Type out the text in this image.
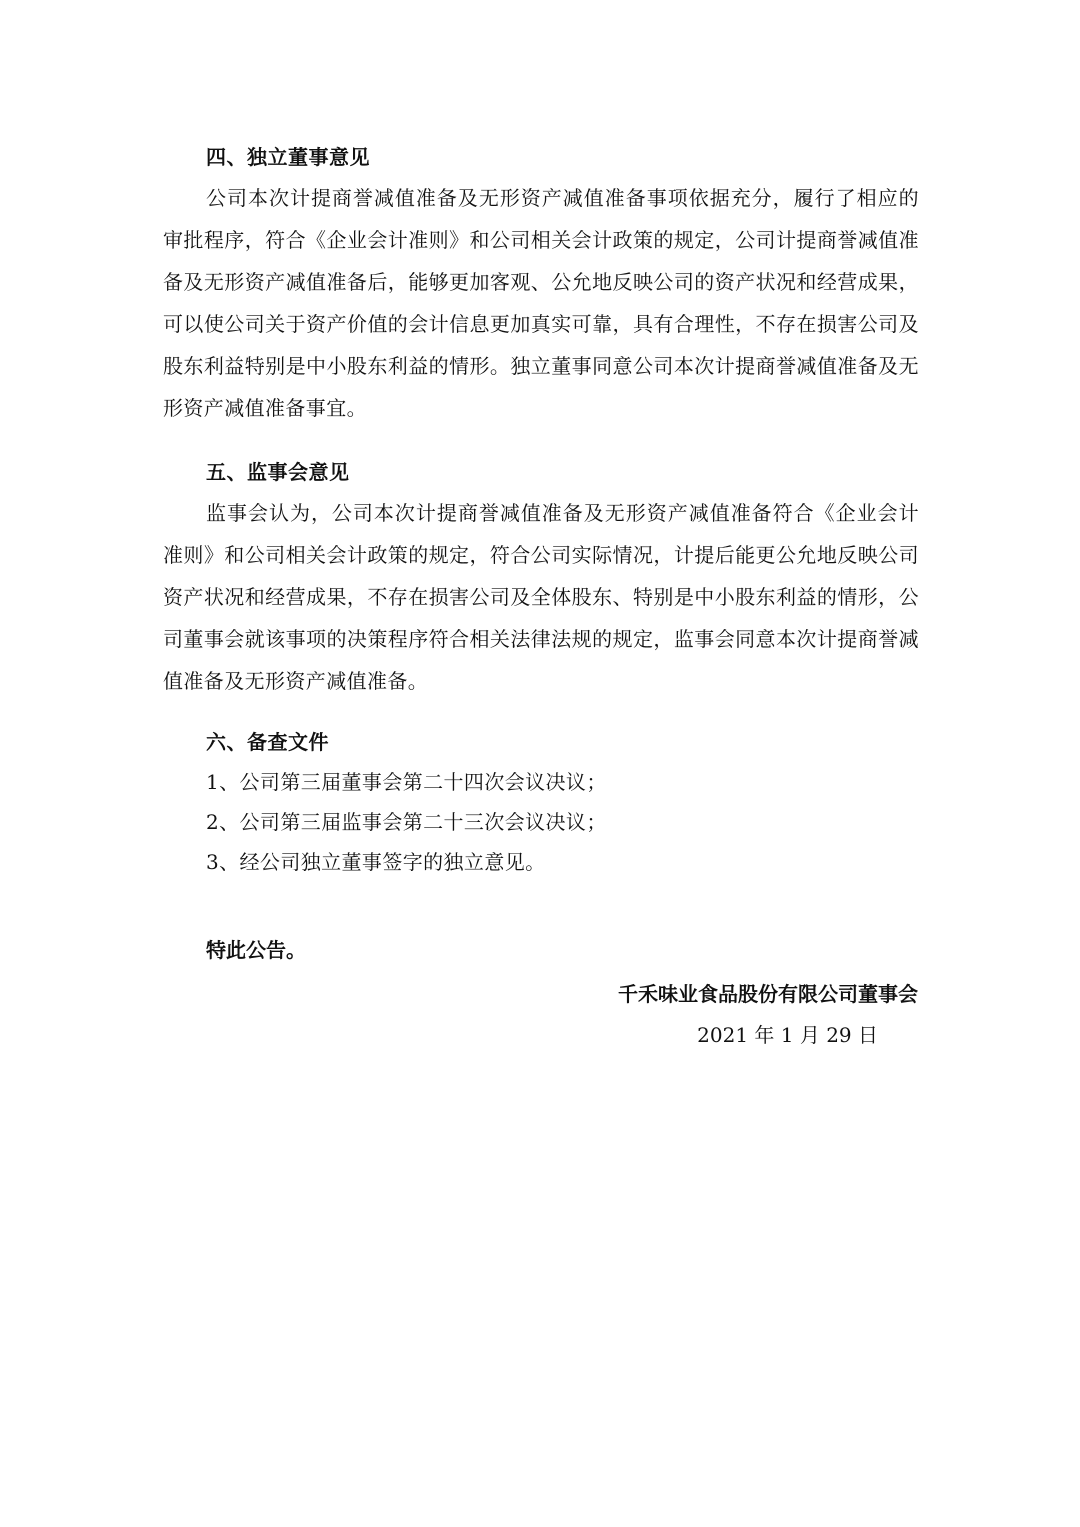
四、独立董事意见
公司本次计提商誉减值准备及无形资产减值准备事项依据充分，履行了相应的审批程序，符合《企业会计准则》和公司相关会计政策的规定，公司计提商誉减值准备及无形资产减值准备后，能够更加客观、公允地反映公司的资产状况和经营成果，可以使公司关于资产价值的会计信息更加真实可靠，具有合理性，不存在损害公司及股东利益特别是中小股东利益的情形。独立董事同意公司本次计提商誉减值准备及无形资产减值准备事宜。
五、监事会意见
监事会认为，公司本次计提商誉减值准备及无形资产减值准备符合《企业会计准则》和公司相关会计政策的规定，符合公司实际情况，计提后能更公允地反映公司资产状况和经营成果，不存在损害公司及全体股东、特别是中小股东利益的情形，公司董事会就该事项的决策程序符合相关法律法规的规定，监事会同意本次计提商誉减值准备及无形资产减值准备。
六、备查文件
1、公司第三届董事会第二十四次会议决议；
2、公司第三届监事会第二十三次会议决议；
3、经公司独立董事签字的独立意见。
特此公告。
千禾味业食品股份有限公司董事会
2021 年 1 月 29 日
